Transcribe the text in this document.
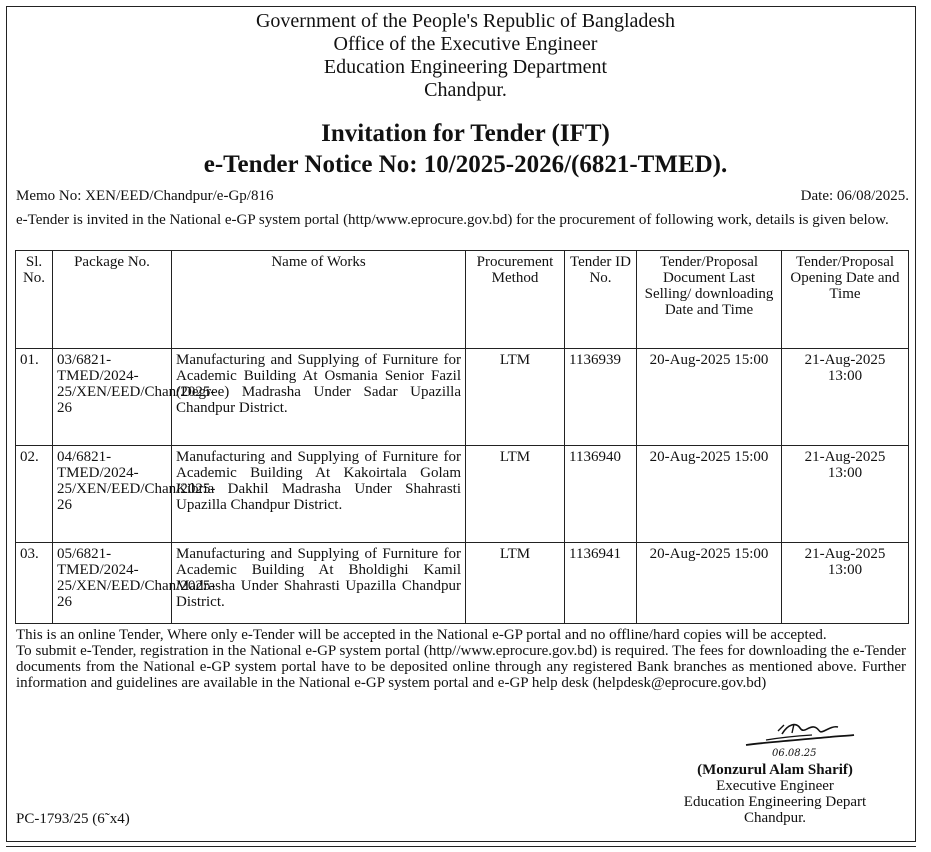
Government of the People's Republic of Bangladesh
Office of the Executive Engineer
Education Engineering Department
Chandpur.
Invitation for Tender (IFT)
e-Tender Notice No: 10/2025-2026/(6821-TMED).
Memo No: XEN/EED/Chandpur/e-Gp/816	Date: 06/08/2025.
e-Tender is invited in the National e-GP system portal (http/www.eprocure.gov.bd) for the procurement of following work, details is given below.
Sl. No.	Package No.	Name of Works	Procurement Method	Tender ID No.	Tender/Proposal Document Last Selling/ downloading Date and Time	Tender/Proposal Opening Date and Time
01.	03/6821-TMED/2024-25/XEN/EED/Chan/2025-26	Manufacturing and Supplying of Furniture for Academic Building At Osmania Senior Fazil (Degree) Madrasha Under Sadar Upazilla Chandpur District.	LTM	1136939	20-Aug-2025 15:00	21-Aug-2025 13:00
02.	04/6821-TMED/2024-25/XEN/EED/Chan/2025-26	Manufacturing and Supplying of Furniture for Academic Building At Kakoirtala Golam Kibria Dakhil Madrasha Under Shahrasti Upazilla Chandpur District.	LTM	1136940	20-Aug-2025 15:00	21-Aug-2025 13:00
03.	05/6821-TMED/2024-25/XEN/EED/Chan/2025-26	Manufacturing and Supplying of Furniture for Academic Building At Bholdighi Kamil Madrasha Under Shahrasti Upazilla Chandpur District.	LTM	1136941	20-Aug-2025 15:00	21-Aug-2025 13:00

This is an online Tender, Where only e-Tender will be accepted in the National e-GP portal and no offline/hard copies will be accepted.

To submit e-Tender, registration in the National e-GP system portal (http//www.eprocure.gov.bd) is required. The fees for downloading the e-Tender documents from the National e-GP system portal have to be deposited online through any registered Bank branches as mentioned above. Further information and guidelines are available in the National e-GP system portal and e-GP help desk (helpdesk@eprocure.gov.bd)

06.08.25
(Monzurul Alam Sharif)
Executive Engineer
Education Engineering Depart
Chandpur.
PC-1793/25 (6˜x4)
